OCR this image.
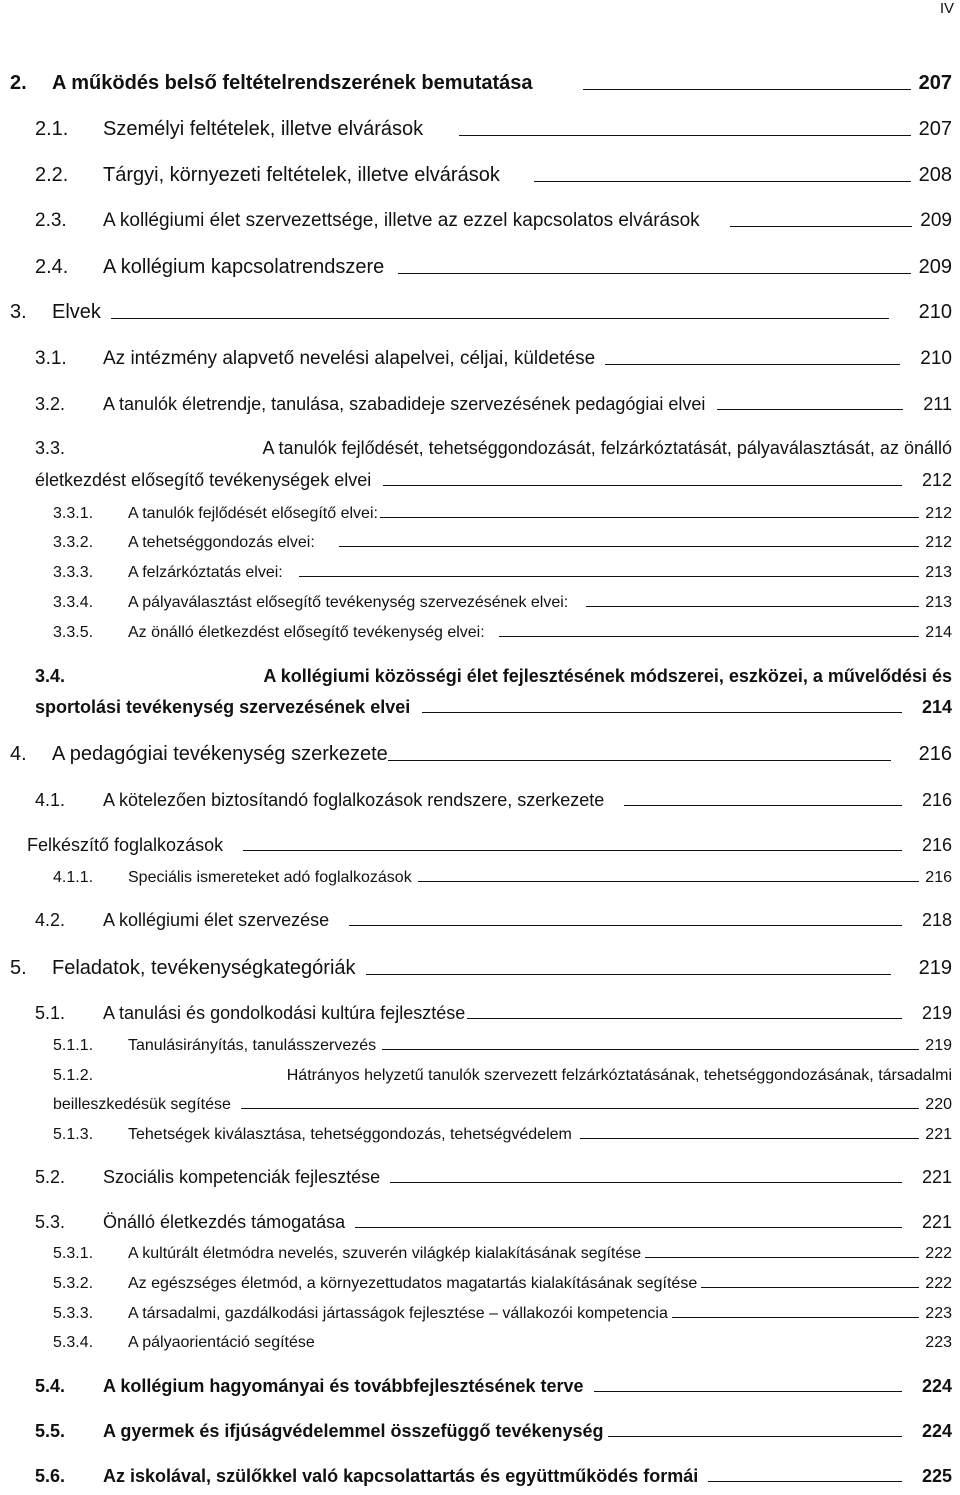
IV
2.	A működés belső feltételrendszerének bemutatása	207
2.1.	Személyi feltételek, illetve elvárások	207
2.2.	Tárgyi, környezeti feltételek, illetve elvárások	208
2.3.	A kollégiumi élet szervezettsége, illetve az ezzel kapcsolatos elvárások	209
2.4.	A kollégium kapcsolatrendszere	209
3.	Elvek	210
3.1.	Az intézmény alapvető nevelési alapelvei, céljai, küldetése	210
3.2.	A tanulók életrendje, tanulása, szabadideje szervezésének pedagógiai elvei	211
3.3.	A tanulók fejlődését, tehetséggondozását, felzárkóztatását, pályaválasztását, az önálló
életkezdést elősegítő tevékenységek elvei	212
3.3.1.	A tanulók fejlődését elősegítő elvei:	212
3.3.2.	A tehetséggondozás elvei:	212
3.3.3.	A felzárkóztatás elvei:	213
3.3.4.	A pályaválasztást elősegítő tevékenység szervezésének elvei:	213
3.3.5.	Az önálló életkezdést elősegítő tevékenység elvei:	214
3.4.	A kollégiumi közösségi élet fejlesztésének módszerei, eszközei, a művelődési és
sportolási tevékenység szervezésének elvei	214
4.	A pedagógiai tevékenység szerkezete	216
4.1.	A kötelezően biztosítandó foglalkozások rendszere, szerkezete	216
Felkészítő foglalkozások	216
4.1.1.	Speciális ismereteket adó foglalkozások	216
4.2.	A kollégiumi élet szervezése	218
5.	Feladatok, tevékenységkategóriák	219
5.1.	A tanulási és gondolkodási kultúra fejlesztése	219
5.1.1.	Tanulásirányítás, tanulásszervezés	219
5.1.2.	Hátrányos helyzetű tanulók szervezett felzárkóztatásának, tehetséggondozásának, társadalmi
beilleszkedésük segítése	220
5.1.3.	Tehetségek kiválasztása, tehetséggondozás, tehetségvédelem	221
5.2.	Szociális kompetenciák fejlesztése	221
5.3.	Önálló életkezdés támogatása	221
5.3.1.	A kultúrált életmódra nevelés, szuverén világkép kialakításának segítése	222
5.3.2.	Az egészséges életmód, a környezettudatos magatartás kialakításának segítése	222
5.3.3.	A társadalmi, gazdálkodási jártasságok fejlesztése – vállakozói kompetencia	223
5.3.4.	A pályaorientáció segítése	223
5.4.	A kollégium hagyományai és továbbfejlesztésének terve	224
5.5.	A gyermek és ifjúságvédelemmel összefüggő tevékenység	224
5.6.	Az iskolával, szülőkkel való kapcsolattartás és együttműködés formái	225
